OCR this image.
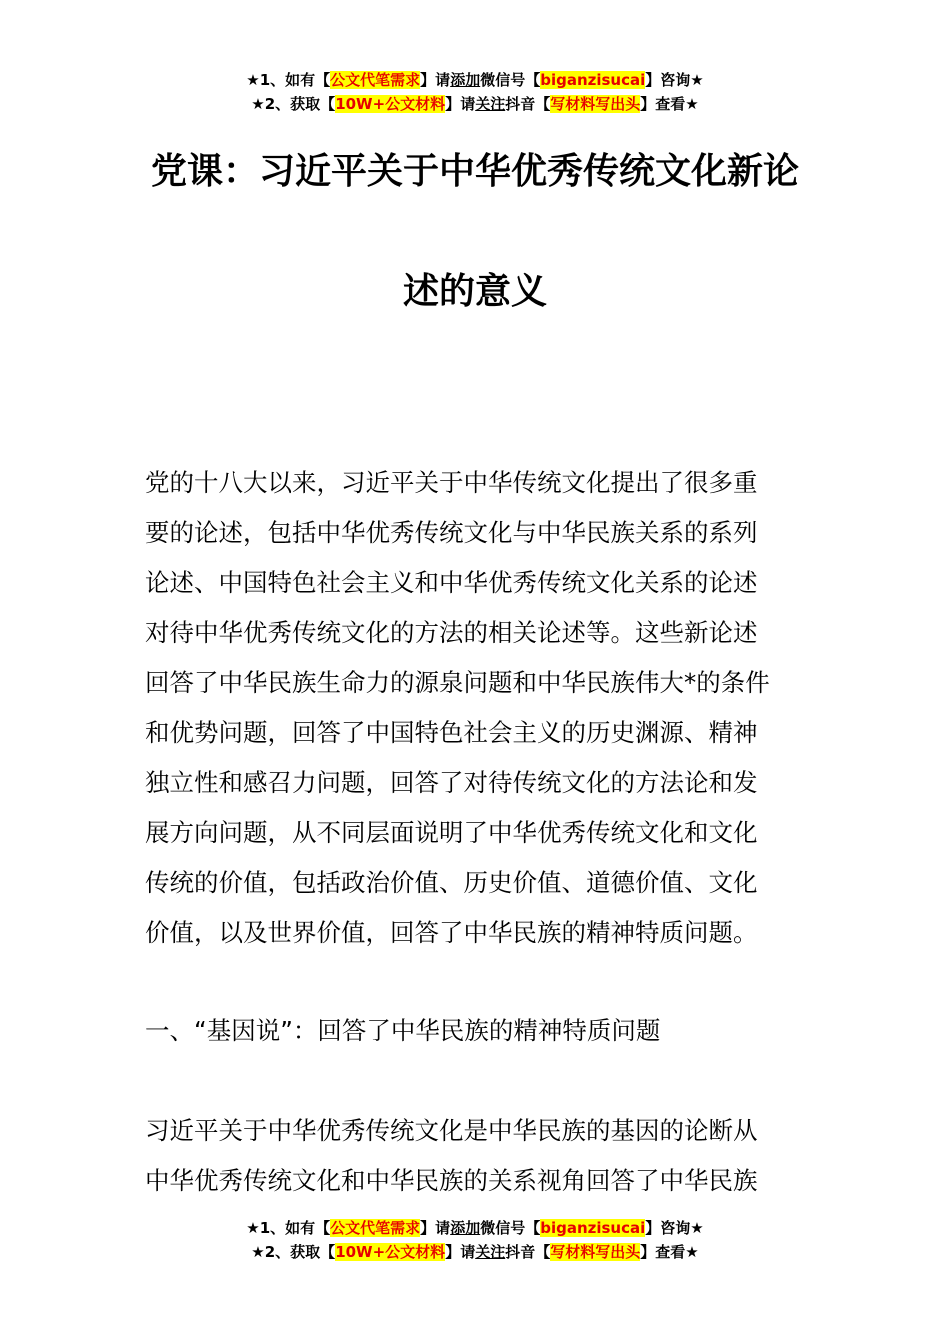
★1、如有【公文代笔需求】请添加微信号【biganzisucai】咨询★
★2、获取【10W+公文材料】请关注抖音【写材料写出头】查看★
党课：习近平关于中华优秀传统文化新论
述的意义
党的十八大以来，习近平关于中华传统文化提出了很多重
要的论述，包括中华优秀传统文化与中华民族关系的系列
论述、中国特色社会主义和中华优秀传统文化关系的论述
对待中华优秀传统文化的方法的相关论述等。这些新论述
回答了中华民族生命力的源泉问题和中华民族伟大*的条件
和优势问题，回答了中国特色社会主义的历史渊源、精神
独立性和感召力问题，回答了对待传统文化的方法论和发
展方向问题，从不同层面说明了中华优秀传统文化和文化
传统的价值，包括政治价值、历史价值、道德价值、文化
价值，以及世界价值，回答了中华民族的精神特质问题。
一、“基因说”：回答了中华民族的精神特质问题
习近平关于中华优秀传统文化是中华民族的基因的论断从
中华优秀传统文化和中华民族的关系视角回答了中华民族
★1、如有【公文代笔需求】请添加微信号【biganzisucai】咨询★
★2、获取【10W+公文材料】请关注抖音【写材料写出头】查看★
